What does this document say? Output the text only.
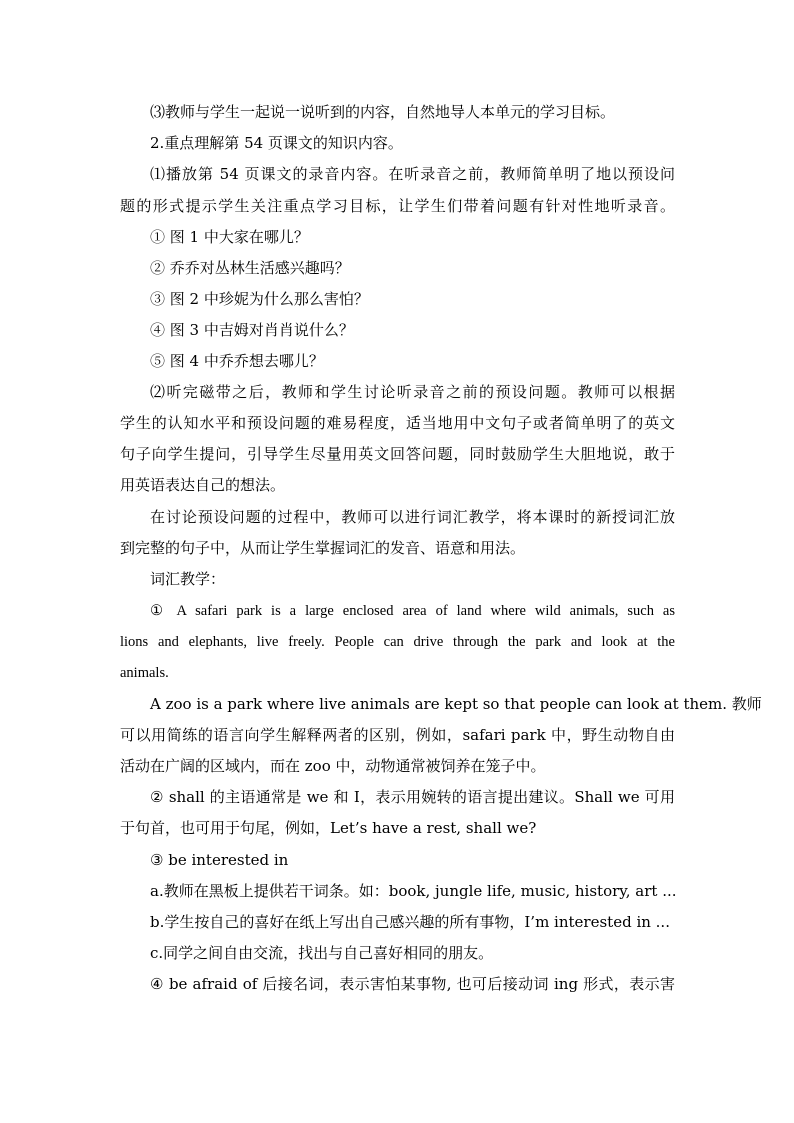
⑶教师与学生一起说一说听到的内容，自然地导人本单元的学习目标。
2.重点理解第 54 页课文的知识内容。
⑴播放第 54 页课文的录音内容。在听录音之前，教师简单明了地以预设问
题的形式提示学生关注重点学习目标，让学生们带着问题有针对性地听录音。
① 图 1 中大家在哪儿？
② 乔乔对丛林生活感兴趣吗？
③ 图 2 中珍妮为什么那么害怕？
④ 图 3 中吉姆对肖肖说什么？
⑤ 图 4 中乔乔想去哪儿？
⑵听完磁带之后，教师和学生讨论听录音之前的预设问题。教师可以根据
学生的认知水平和预设问题的难易程度，适当地用中文句子或者简单明了的英文
句子向学生提问，引导学生尽量用英文回答问题，同时鼓励学生大胆地说，敢于
用英语表达自己的想法。
在讨论预设问题的过程中，教师可以进行词汇教学，将本课时的新授词汇放
到完整的句子中，从而让学生掌握词汇的发音、语意和用法。
词汇教学：
① A safari park is a large enclosed area of land where wild animals, such as
lions and elephants, live freely. People can drive through the park and look at the
animals.
A zoo is a park where live animals are kept so that people can look at them. 教师
可以用简练的语言向学生解释两者的区别，例如，safari park 中，野生动物自由
活动在广阔的区域内，而在 zoo 中，动物通常被饲养在笼子中。
② shall 的主语通常是 we 和 I，表示用婉转的语言提出建议。Shall we 可用
于句首，也可用于句尾，例如，Let’s have a rest, shall we?
③ be interested in
a.教师在黑板上提供若干词条。如：book, jungle life, music, history, art ...
b.学生按自己的喜好在纸上写出自己感兴趣的所有事物，I’m interested in ...
c.同学之间自由交流，找出与自己喜好相同的朋友。
④ be afraid of 后接名词，表示害怕某事物, 也可后接动词 ing 形式，表示害
